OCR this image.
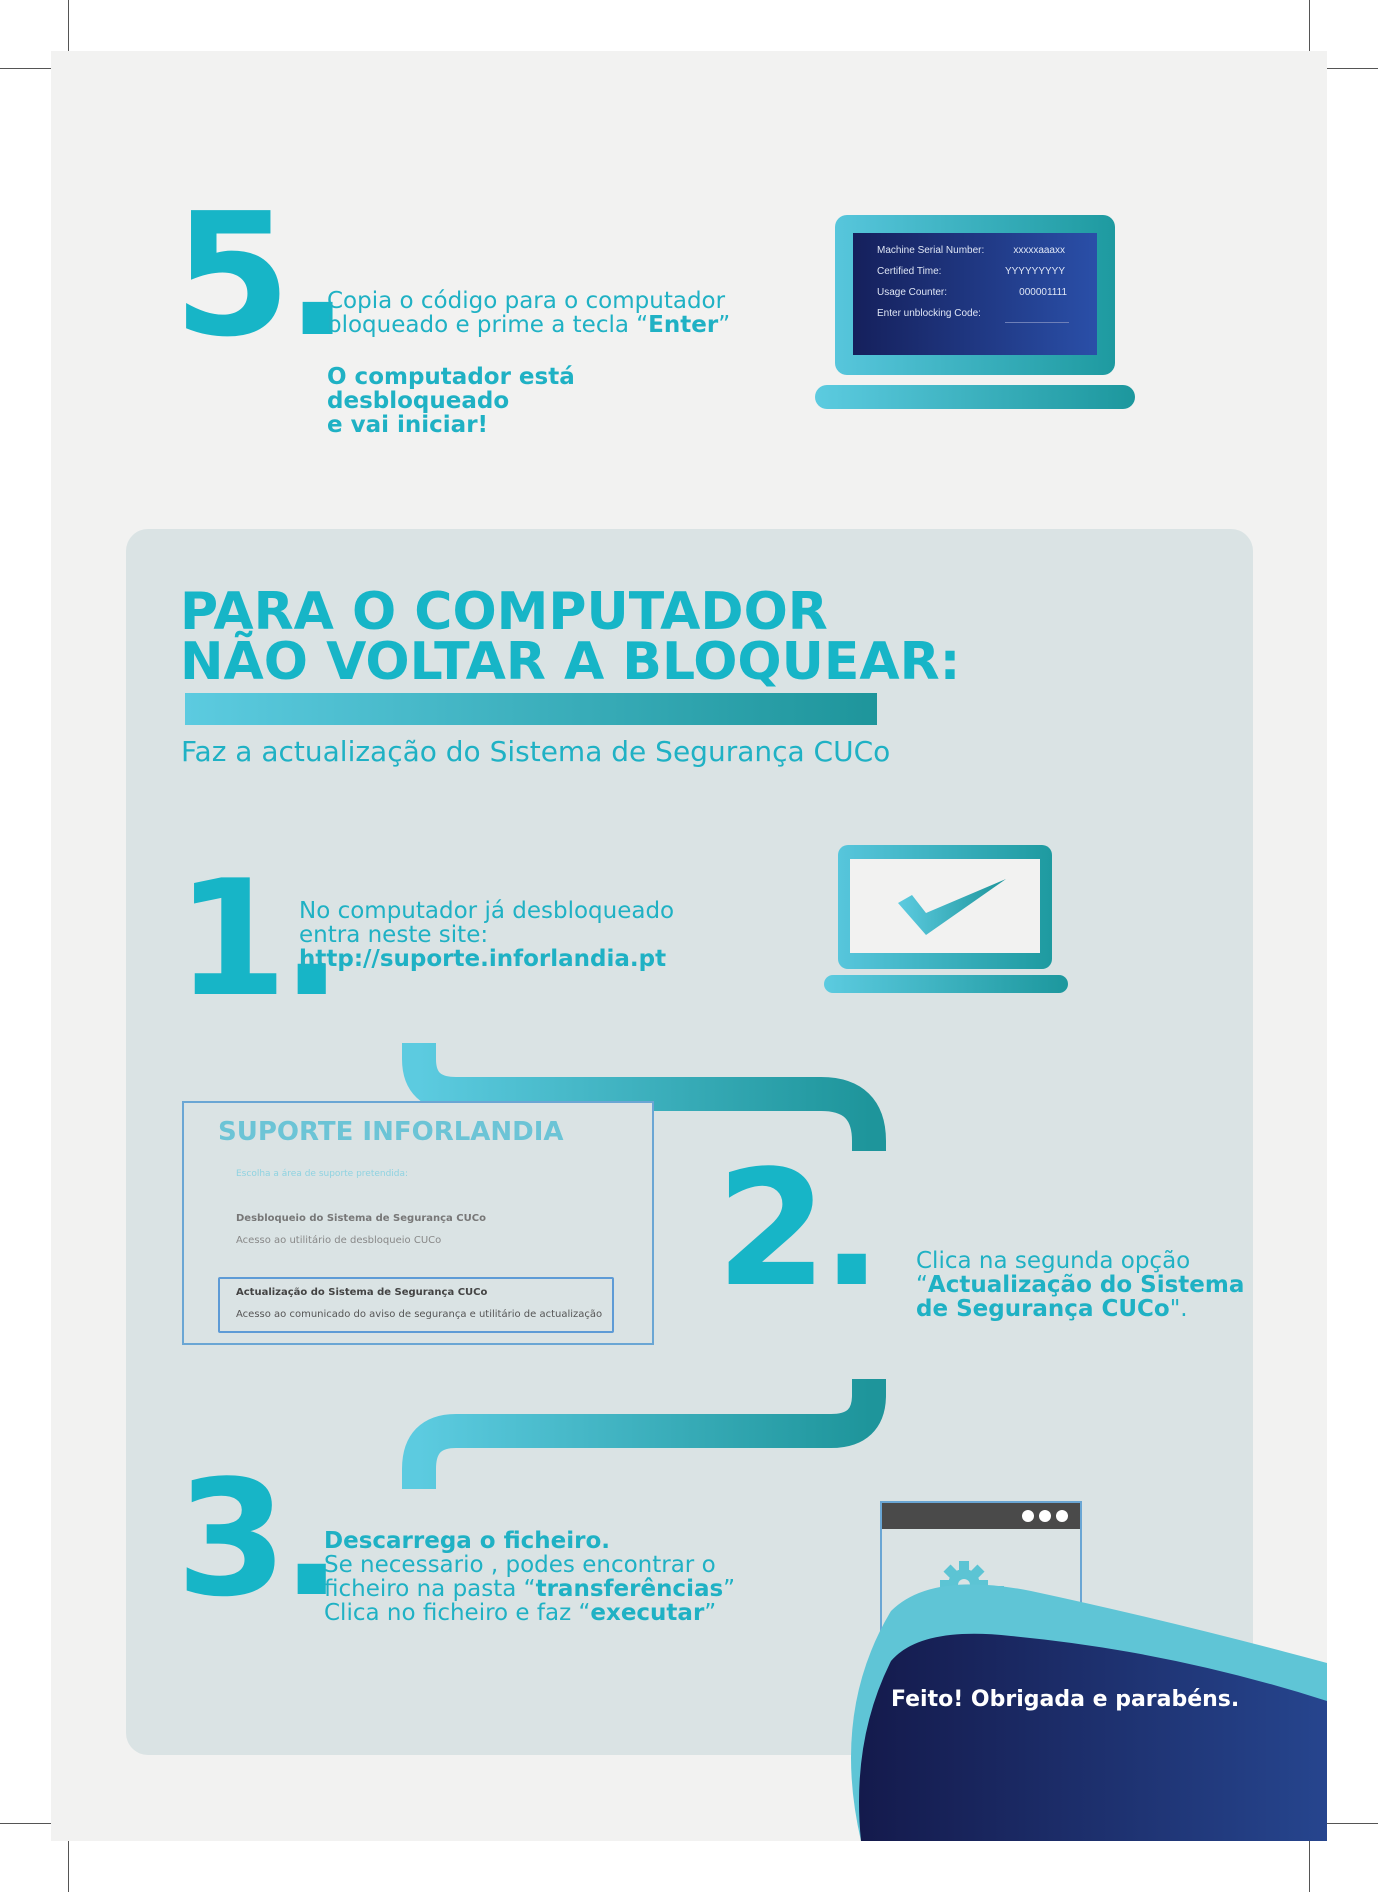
5.
Copia o código para o computador
bloqueado e prime a tecla “Enter”
O computador está desbloqueado
e vai iniciar!
Machine Serial Number:	xxxxxaaaxx
Certified Time:	YYYYYYYYY
Usage Counter:	000001111
Enter unblocking Code:
PARA O COMPUTADOR
NÃO VOLTAR A BLOQUEAR:
Faz a actualização do Sistema de Segurança CUCo
1.
No computador já desbloqueado
entra neste site:
http://suporte.inforlandia.pt
SUPORTE INFORLANDIA
Escolha a área de suporte pretendida:
Desbloqueio do Sistema de Segurança CUCo
Acesso ao utilitário de desbloqueio CUCo
Actualização do Sistema de Segurança CUCo
Acesso ao comunicado do aviso de segurança e utilitário de actualização 2. Clica na segunda opção
“Actualização do Sistema de Segurança CUCo".
3.
Descarrega o ficheiro.
Se necessario , podes encontrar o
ficheiro na pasta “transferências”
Clica no ficheiro e faz “executar”
Feito! Obrigada e parabéns.
